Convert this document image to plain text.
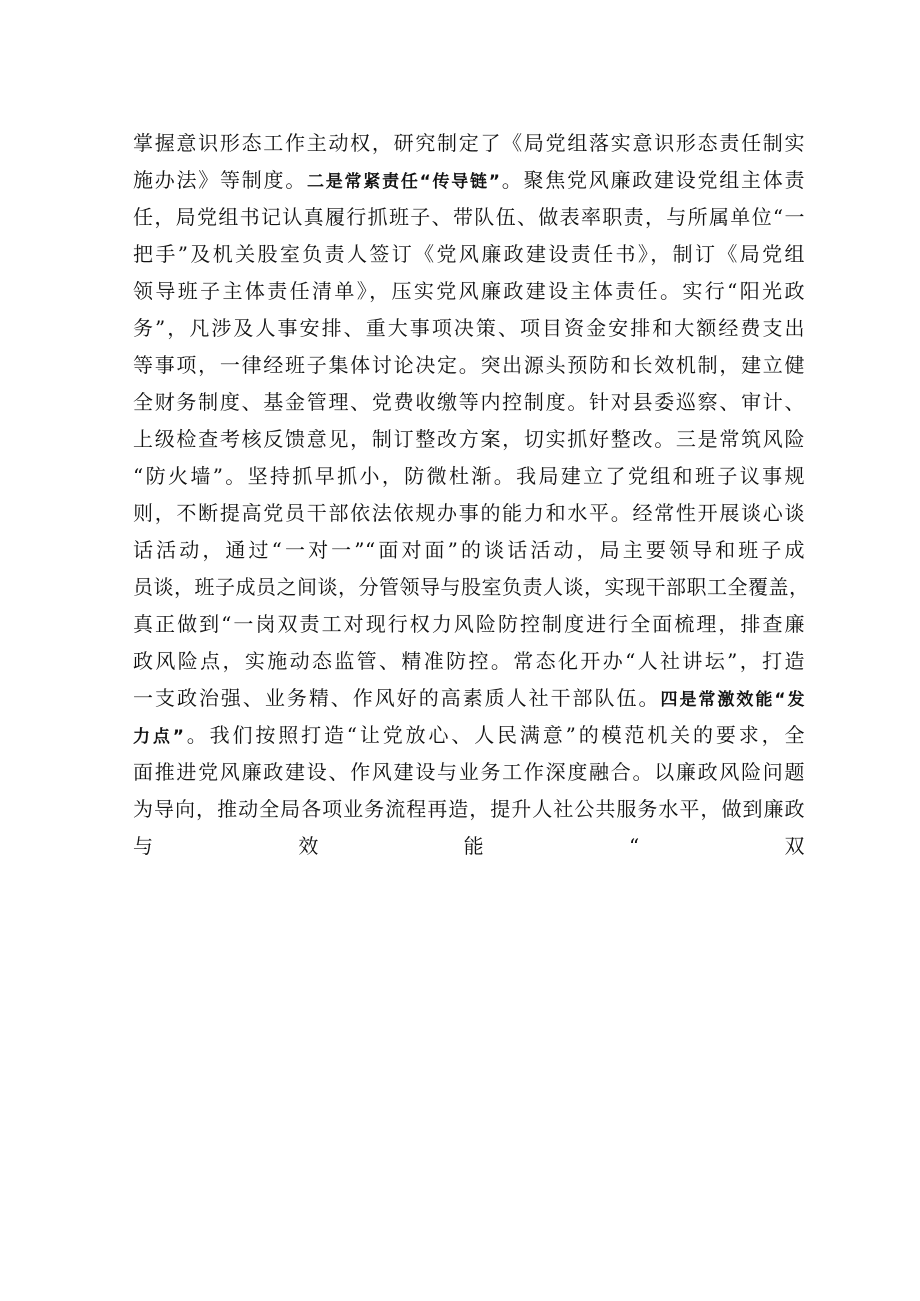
掌握意识形态工作主动权，研究制定了《局党组落实意识形态责任制实
施办法》等制度。二是常紧责任“传导链”。聚焦党风廉政建设党组主体责
任，局党组书记认真履行抓班子、带队伍、做表率职责，与所属单位“一
把手”及机关股室负责人签订《党风廉政建设责任书》，制订《局党组
领导班子主体责任清单》，压实党风廉政建设主体责任。实行“阳光政
务”，凡涉及人事安排、重大事项决策、项目资金安排和大额经费支出
等事项，一律经班子集体讨论决定。突出源头预防和长效机制，建立健
全财务制度、基金管理、党费收缴等内控制度。针对县委巡察、审计、
上级检查考核反馈意见，制订整改方案，切实抓好整改。三是常筑风险
“防火墙”。坚持抓早抓小，防微杜渐。我局建立了党组和班子议事规
则，不断提高党员干部依法依规办事的能力和水平。经常性开展谈心谈
话活动，通过“一对一”“面对面”的谈话活动，局主要领导和班子成
员谈，班子成员之间谈，分管领导与股室负责人谈，实现干部职工全覆盖，
真正做到“一岗双责工对现行权力风险防控制度进行全面梳理，排查廉
政风险点，实施动态监管、精准防控。常态化开办“人社讲坛”，打造
一支政治强、业务精、作风好的高素质人社干部队伍。四是常激效能“发
力点”。我们按照打造“让党放心、人民满意”的模范机关的要求，全
面推进党风廉政建设、作风建设与业务工作深度融合。以廉政风险问题
为导向，推动全局各项业务流程再造，提升人社公共服务水平，做到廉政
与效能“双
